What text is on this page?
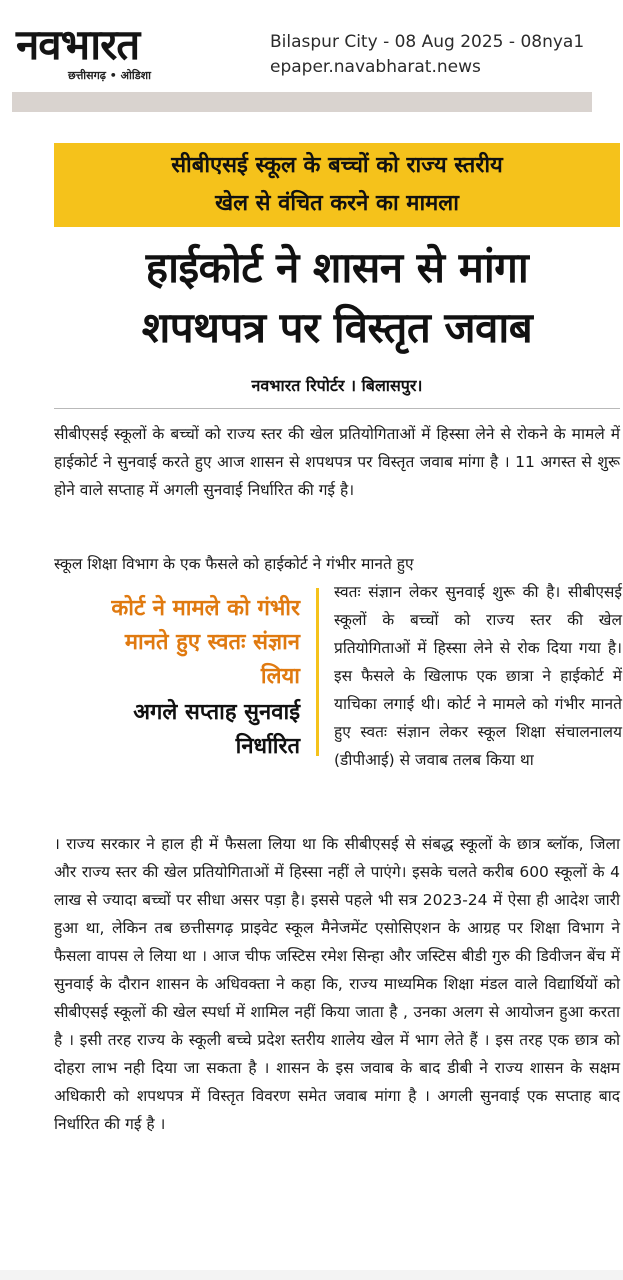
नवभारत
छत्तीसगढ़ • ओडिशा
Bilaspur City - 08 Aug 2025 - 08nya1
epaper.navabharat.news
सीबीएसई स्कूल के बच्चों को राज्य स्तरीय
खेल से वंचित करने का मामला
हाईकोर्ट ने शासन से मांगा
शपथपत्र पर विस्तृत जवाब
नवभारत रिपोर्टर । बिलासपुर।
सीबीएसई स्कूलों के बच्चों को राज्य स्तर की खेल प्रतियोगिताओं में हिस्सा लेने से रोकने के मामले में हाईकोर्ट ने सुनवाई करते हुए आज शासन से शपथपत्र पर विस्तृत जवाब मांगा है । 11 अगस्त से शुरू होने वाले सप्ताह में अगली सुनवाई निर्धारित की गई है।
स्कूल शिक्षा विभाग के एक फैसले को हाईकोर्ट ने गंभीर मानते हुए
कोर्ट ने मामले को गंभीर मानते हुए स्वतः संज्ञान लिया
अगले सप्ताह सुनवाई निर्धारित
स्वतः संज्ञान लेकर सुनवाई शुरू की है। सीबीएसई स्कूलों के बच्चों को राज्य स्तर की खेल प्रतियोगिताओं में हिस्सा लेने से रोक दिया गया है। इस फैसले के खिलाफ एक छात्रा ने हाईकोर्ट में याचिका लगाई थी। कोर्ट ने मामले को गंभीर मानते हुए स्वतः संज्ञान लेकर स्कूल शिक्षा संचालनालय (डीपीआई) से जवाब तलब किया था
। राज्य सरकार ने हाल ही में फैसला लिया था कि सीबीएसई से संबद्ध स्कूलों के छात्र ब्लॉक, जिला और राज्य स्तर की खेल प्रतियोगिताओं में हिस्सा नहीं ले पाएंगे। इसके चलते करीब 600 स्कूलों के 4 लाख से ज्यादा बच्चों पर सीधा असर पड़ा है। इससे पहले भी सत्र 2023-24 में ऐसा ही आदेश जारी हुआ था, लेकिन तब छत्तीसगढ़ प्राइवेट स्कूल मैनेजमेंट एसोसिएशन के आग्रह पर शिक्षा विभाग ने फैसला वापस ले लिया था । आज चीफ जस्टिस रमेश सिन्हा और जस्टिस बीडी गुरु की डिवीजन बेंच में सुनवाई के दौरान शासन के अधिवक्ता ने कहा कि, राज्य माध्यमिक शिक्षा मंडल वाले विद्यार्थियों को सीबीएसई स्कूलों की खेल स्पर्धा में शामिल नहीं किया जाता है , उनका अलग से आयोजन हुआ करता है । इसी तरह राज्य के स्कूली बच्चे प्रदेश स्तरीय शालेय खेल में भाग लेते हैं । इस तरह एक छात्र को दोहरा लाभ नही दिया जा सकता है । शासन के इस जवाब के बाद डीबी ने राज्य शासन के सक्षम अधिकारी को शपथपत्र में विस्तृत विवरण समेत जवाब मांगा है । अगली सुनवाई एक सप्ताह बाद निर्धारित की गई है ।
